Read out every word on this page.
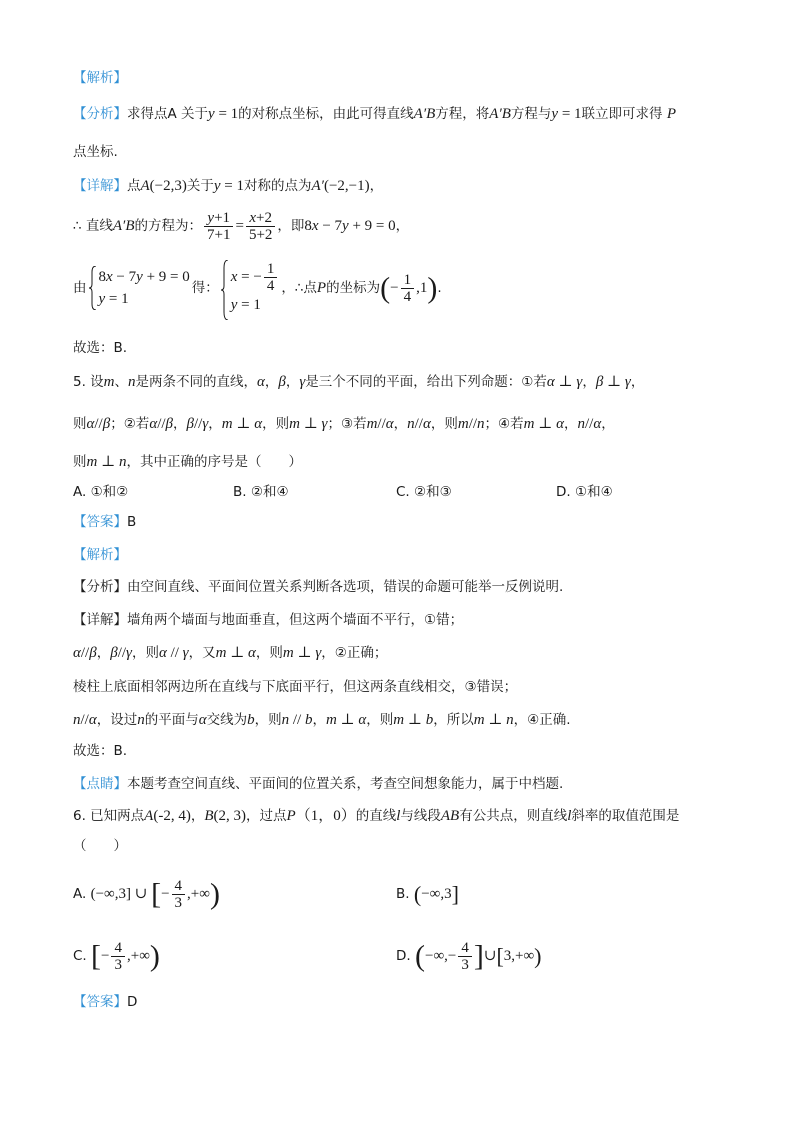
【解析】
【分析】求得点A 关于y = 1的对称点坐标，由此可得直线A′B方程，将A′B方程与y = 1联立即可求得 P
点坐标.
【详解】点A(−2,3)关于y = 1对称的点为A′(−2,−1)，
∴ 直线A′B的方程为： $\frac{y+1}{7+1} = \frac{x+2}{5+2}$ ，即8x − 7y + 9 = 0，
由
8x − 7y + 9 = 0
y = 1
得：
x = − $\frac{1}{4}$
y = 1
，∴点P的坐标为(− $\frac{1}{4} ,1$).
故选：B.
5. 设m、n是两条不同的直线，α，β，γ是三个不同的平面，给出下列命题：①若α ⊥ γ，β ⊥ γ，
则α//β；②若α//β，β//γ，m ⊥ α，则m ⊥ γ；③若m//α，n//α，则m//n；④若m ⊥ α，n//α，
则m ⊥ n，其中正确的序号是（　　）
A. ①和②	B. ②和④	C. ②和③	D. ①和④
【答案】B
【解析】
【分析】由空间直线、平面间位置关系判断各选项，错误的命题可能举一反例说明.
【详解】墙角两个墙面与地面垂直，但这两个墙面不平行，①错；
α//β，β//γ，则α // γ，又m ⊥ α，则m ⊥ γ，②正确；
棱柱上底面相邻两边所在直线与下底面平行，但这两条直线相交，③错误；
n//α，设过n的平面与α交线为b，则n // b，m ⊥ α，则m ⊥ b，所以m ⊥ n，④正确.
故选：B.
【点睛】本题考查空间直线、平面间的位置关系，考查空间想象能力，属于中档题.
6. 已知两点A(-2, 4)，B(2, 3)，过点P（1，0）的直线l与线段AB有公共点，则直线l斜率的取值范围是
（　　）
A. (−∞,3] ∪ [− $\frac{4}{3}$ ,+∞)	B. (−∞,3]
C. [− $\frac{4}{3}$ ,+∞)	D. (−∞,− $\frac{4}{3}$ ]∪[3,+∞)
【答案】D
